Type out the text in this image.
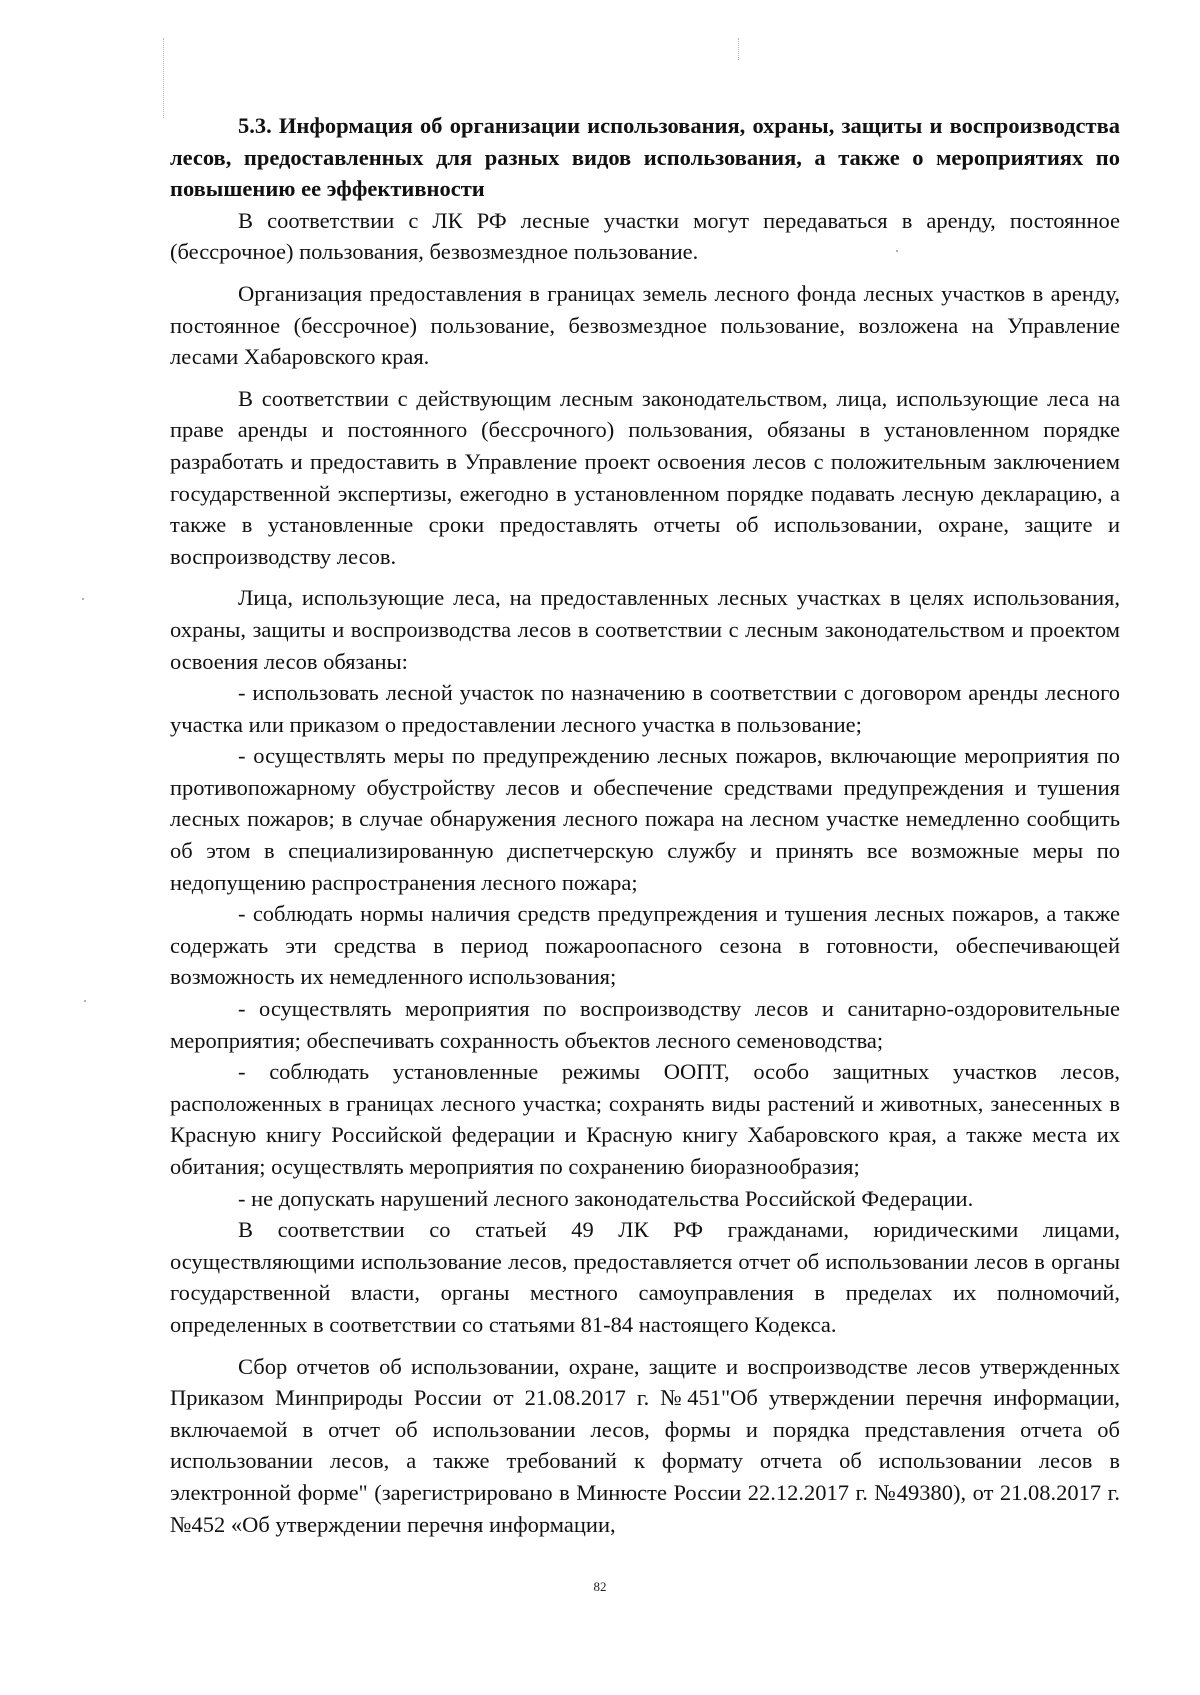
5.3. Информация об организации использования, охраны, защиты и воспроизводства лесов, предоставленных для разных видов использования, а также о мероприятиях по повышению ее эффективности

В соответствии с ЛК РФ лесные участки могут передаваться в аренду, постоянное (бессрочное) пользования, безвозмездное пользование.

Организация предоставления в границах земель лесного фонда лесных участков в аренду, постоянное (бессрочное) пользование, безвозмездное пользование, возложена на Управление лесами Хабаровского края.

В соответствии с действующим лесным законодательством, лица, использующие леса на праве аренды и постоянного (бессрочного) пользования, обязаны в установленном порядке разработать и предоставить в Управление проект освоения лесов с положительным заключением государственной экспертизы, ежегодно в установленном порядке подавать лесную декларацию, а также в установленные сроки предоставлять отчеты об использовании, охране, защите и воспроизводству лесов.

Лица, использующие леса, на предоставленных лесных участках в целях использования, охраны, защиты и воспроизводства лесов в соответствии с лесным законодательством и проектом освоения лесов обязаны:

- использовать лесной участок по назначению в соответствии с договором аренды лесного участка или приказом о предоставлении лесного участка в пользование;

- осуществлять меры по предупреждению лесных пожаров, включающие мероприятия по противопожарному обустройству лесов и обеспечение средствами предупреждения и тушения лесных пожаров; в случае обнаружения лесного пожара на лесном участке немедленно сообщить об этом в специализированную диспетчерскую службу и принять все возможные меры по недопущению распространения лесного пожара;

- соблюдать нормы наличия средств предупреждения и тушения лесных пожаров, а также содержать эти средства в период пожароопасного сезона в готовности, обеспечивающей возможность их немедленного использования;

- осуществлять мероприятия по воспроизводству лесов и санитарно-оздоровительные мероприятия; обеспечивать сохранность объектов лесного семеноводства;

- соблюдать установленные режимы ООПТ, особо защитных участков лесов, расположенных в границах лесного участка; сохранять виды растений и животных, занесенных в Красную книгу Российской федерации и Красную книгу Хабаровского края, а также места их обитания; осуществлять мероприятия по сохранению биоразнообразия;

- не допускать нарушений лесного законодательства Российской Федерации.

В соответствии со статьей 49 ЛК РФ гражданами, юридическими лицами, осуществляющими использование лесов, предоставляется отчет об использовании лесов в органы государственной власти, органы местного самоуправления в пределах их полномочий, определенных в соответствии со статьями 81-84 настоящего Кодекса.

Сбор отчетов об использовании, охране, защите и воспроизводстве лесов утвержденных Приказом Минприроды России от 21.08.2017 г. №451"Об утверждении перечня информации, включаемой в отчет об использовании лесов, формы и порядка представления отчета об использовании лесов, а также требований к формату отчета об использовании лесов в электронной форме" (зарегистрировано в Минюсте России 22.12.2017 г. №49380), от 21.08.2017 г. №452 «Об утверждении перечня информации,

82
